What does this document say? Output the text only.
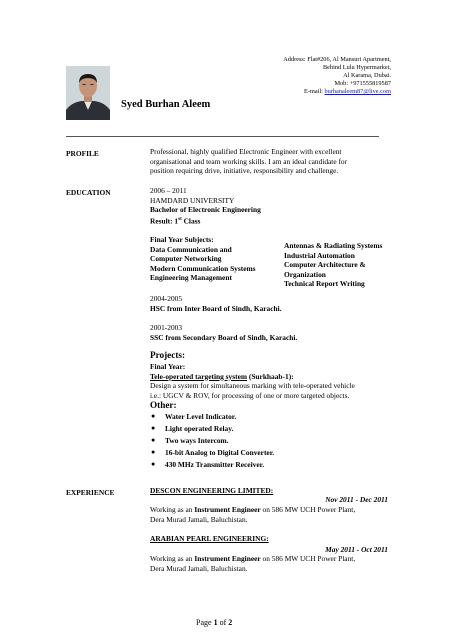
Address: Flat#206, Al Mansuri Apartment,
Behind Lulu Hypermarket,
Al Karama, Dubai.
Mob: +971555819587
E-mail: burhanaleem87@live.com
Syed Burhan Aleem
PROFILE	Professional, highly qualified Electronic Engineer with excellent
organisational and team working skills. I am an ideal candidate for
position requiring drive, initiative, responsibility and challenge.
EDUCATION	2006 – 2011
HAMDARD UNIVERSITY
Bachelor of Electronic Engineering
Result: 1st Class
Final Year Subjects:
Data Communication and
Computer Networking
Modern Communication Systems
Engineering Management
Antennas & Radiating Systems
Industrial Automation
Computer Architecture &
Organization
Technical Report Writing
2004-2005
HSC from Inter Board of Sindh, Karachi.
2001-2003
SSC from Secondary Board of Sindh, Karachi.
Projects:
Final Year:
Tele-operated targeting system (Surkhaab-1):
Design a system for simultaneous marking with tele-operated vehicle
i.e.: UGCV & ROV, for processing of one or more targeted objects.
Other:
● Water Level Indicator.
● Light operated Relay.
● Two ways Intercom.
● 16-bit Analog to Digital Converter.
● 430 MHz Transmitter Receiver.
EXPERIENCE	DESCON ENGINEERING LIMITED:
Nov 2011 - Dec 2011
Working as an Instrument Engineer on 586 MW UCH Power Plant,
Dera Murad Jamali, Baluchistan.
ARABIAN PEARL ENGINEERING:
May 2011 - Oct 2011
Working as an Instrument Engineer on 586 MW UCH Power Plant,
Dera Murad Jamali, Baluchistan.
Page 1 of 2
